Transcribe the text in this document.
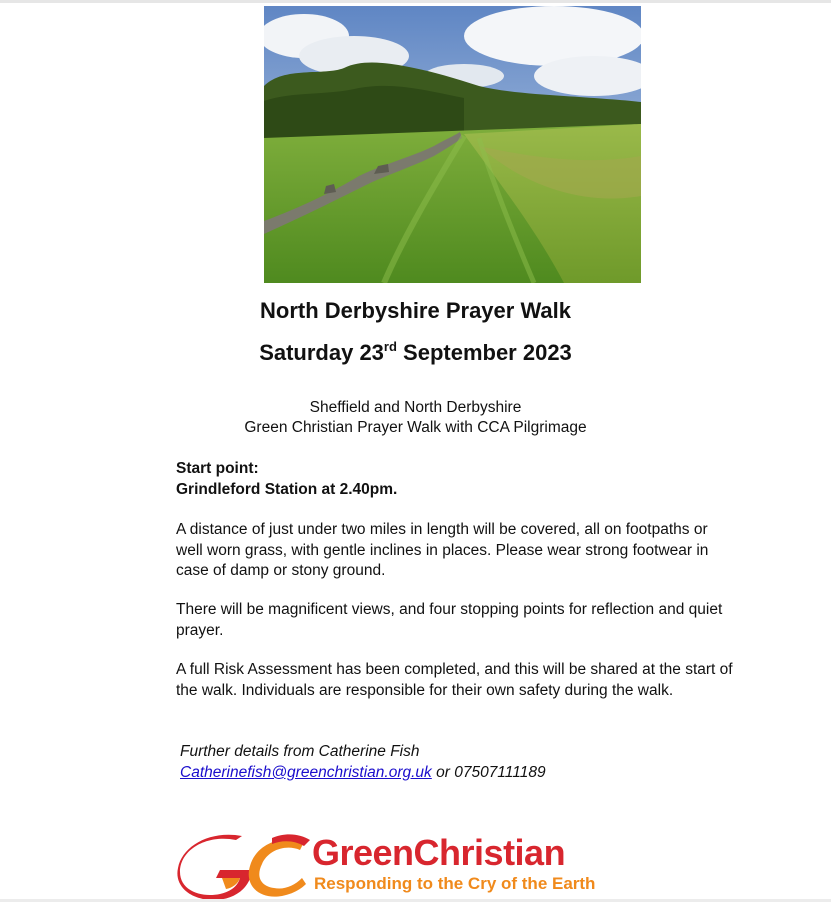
North Derbyshire Prayer Walk
Saturday 23rd September 2023
Sheffield and North Derbyshire
Green Christian Prayer Walk with CCA Pilgrimage
Start point:
Grindleford Station at 2.40pm.
A distance of just under two miles in length will be covered, all on footpaths or well worn grass, with gentle inclines in places. Please wear strong footwear in case of damp or stony ground.
There will be magnificent views, and four stopping points for reflection and quiet prayer.
A full Risk Assessment has been completed, and this will be shared at the start of the walk. Individuals are responsible for their own safety during the walk.
Further details from Catherine Fish
Catherinefish@greenchristian.org.uk or 07507111189
GreenChristian
Responding to the Cry of the Earth
